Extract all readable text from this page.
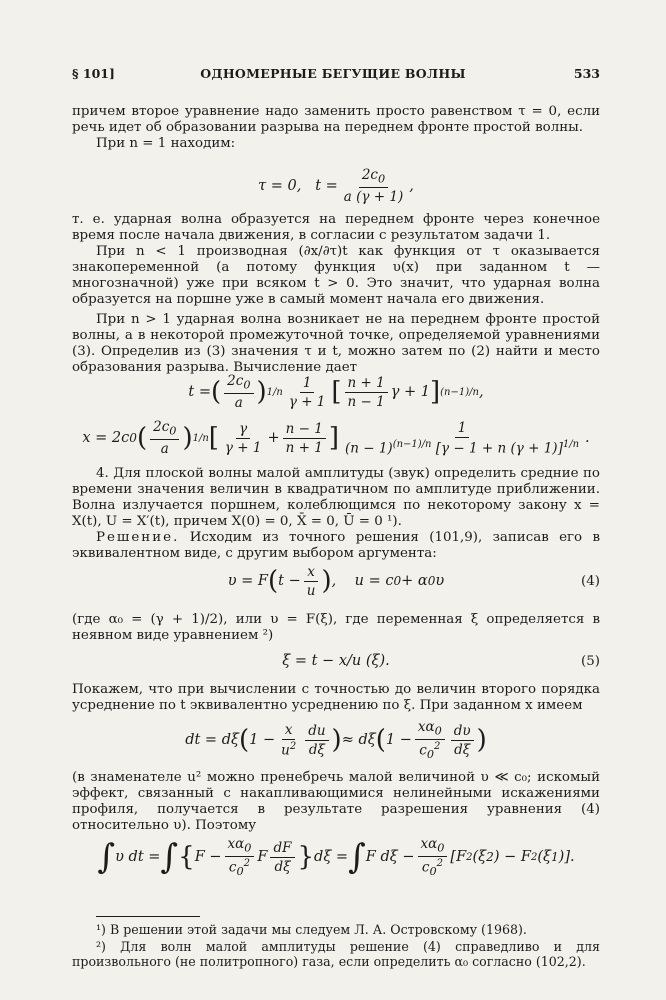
§ 101]	ОДНОМЕРНЫЕ БЕГУЩИЕ ВОЛНЫ	533

причем второе уравнение надо заменить просто равенством τ = 0, если речь идет об образовании разрыва на переднем фронте простой волны.

При n = 1 находим:

τ = 0,   $t = \frac{2c_0}{a (\gamma + 1)}$ ,

т. е. ударная волна образуется на переднем фронте через конечное время после начала движения, в согласии с результатом задачи 1.

При n < 1 производная (∂x/∂τ)t как функция от τ оказывается знакопеременной (а потому функция υ(x) при заданном t — многозначной) уже при всяком t > 0. Это значит, что ударная волна образуется на поршне уже в самый момент начала его движения.

При n > 1 ударная волна возникает не на переднем фронте простой волны, а в некоторой промежуточной точке, определяемой уравнениями (3). Определив из (3) значения τ и t, можно затем по (2) найти и место образования разрыва. Вычисление дает

t = ( $\frac{2c_0}{a}$ ) $1/n \frac{1}{\gamma + 1}$ [ $\frac{n + 1}{n - 1}$ γ + 1 ] (n−1)/n ,
x = 2c 0 ( $\frac{2c_0}{a}$ ) 1/n [ $\frac{\gamma}{\gamma + 1} + \frac{n - 1}{n + 1}$ ] $\frac{1}{(n - 1)^{(n-1)/n} [\gamma - 1 + n (\gamma + 1)]^{1/n}}$ .

4. Для плоской волны малой амплитуды (звук) определить средние по времени значения величин в квадратичном по амплитуде приближении. Волна излучается поршнем, колеблющимся по некоторому закону x = X(t), U = X′(t), причем X(0) = 0, X̄ = 0, Ū = 0 ¹).

Решение. Исходим из точного решения (101,9), записав его в эквивалентном виде, с другим выбором аргумента:

υ = F ( $t - \frac{x}{u}$ ) ,    u = c 0 + α 0 υ	(4)

(где α₀ = (γ + 1)/2), или υ = F(ξ), где переменная ξ определяется в неявном виде уравнением ²)

ξ = t − x/u (ξ).	(5)

Покажем, что при вычислении с точностью до величин второго порядка усреднение по t эквивалентно усреднению по ξ. При заданном x имеем

dt = dξ ( $1 - \frac{x}{u^2} \frac{du}{d\xi}$ ) ≈ dξ ( $1 - \frac{x\alpha_0}{c_0^2} \frac{d\upsilon}{d\xi}$ )

(в знаменателе u² можно пренебречь малой величиной υ ≪ c₀; искомый эффект, связанный с накапливающимися нелинейными искажениями профиля, получается в результате разрешения уравнения (4) относительно υ). Поэтому

∫ υ dt = ∫ { $F - \frac{x\alpha_0}{c_0^2}$ F $\frac{dF}{d\xi}$ } dξ = ∫ F $d\xi - \frac{x\alpha_0}{c_0^2} [F$ 2 (ξ 2 ) − F 2 (ξ 1 )].
¹) В решении этой задачи мы следуем Л. А. Островскому (1968).
²) Для волн малой амплитуды решение (4) справедливо и для произвольного (не политропного) газа, если определить α₀ согласно (102,2).
